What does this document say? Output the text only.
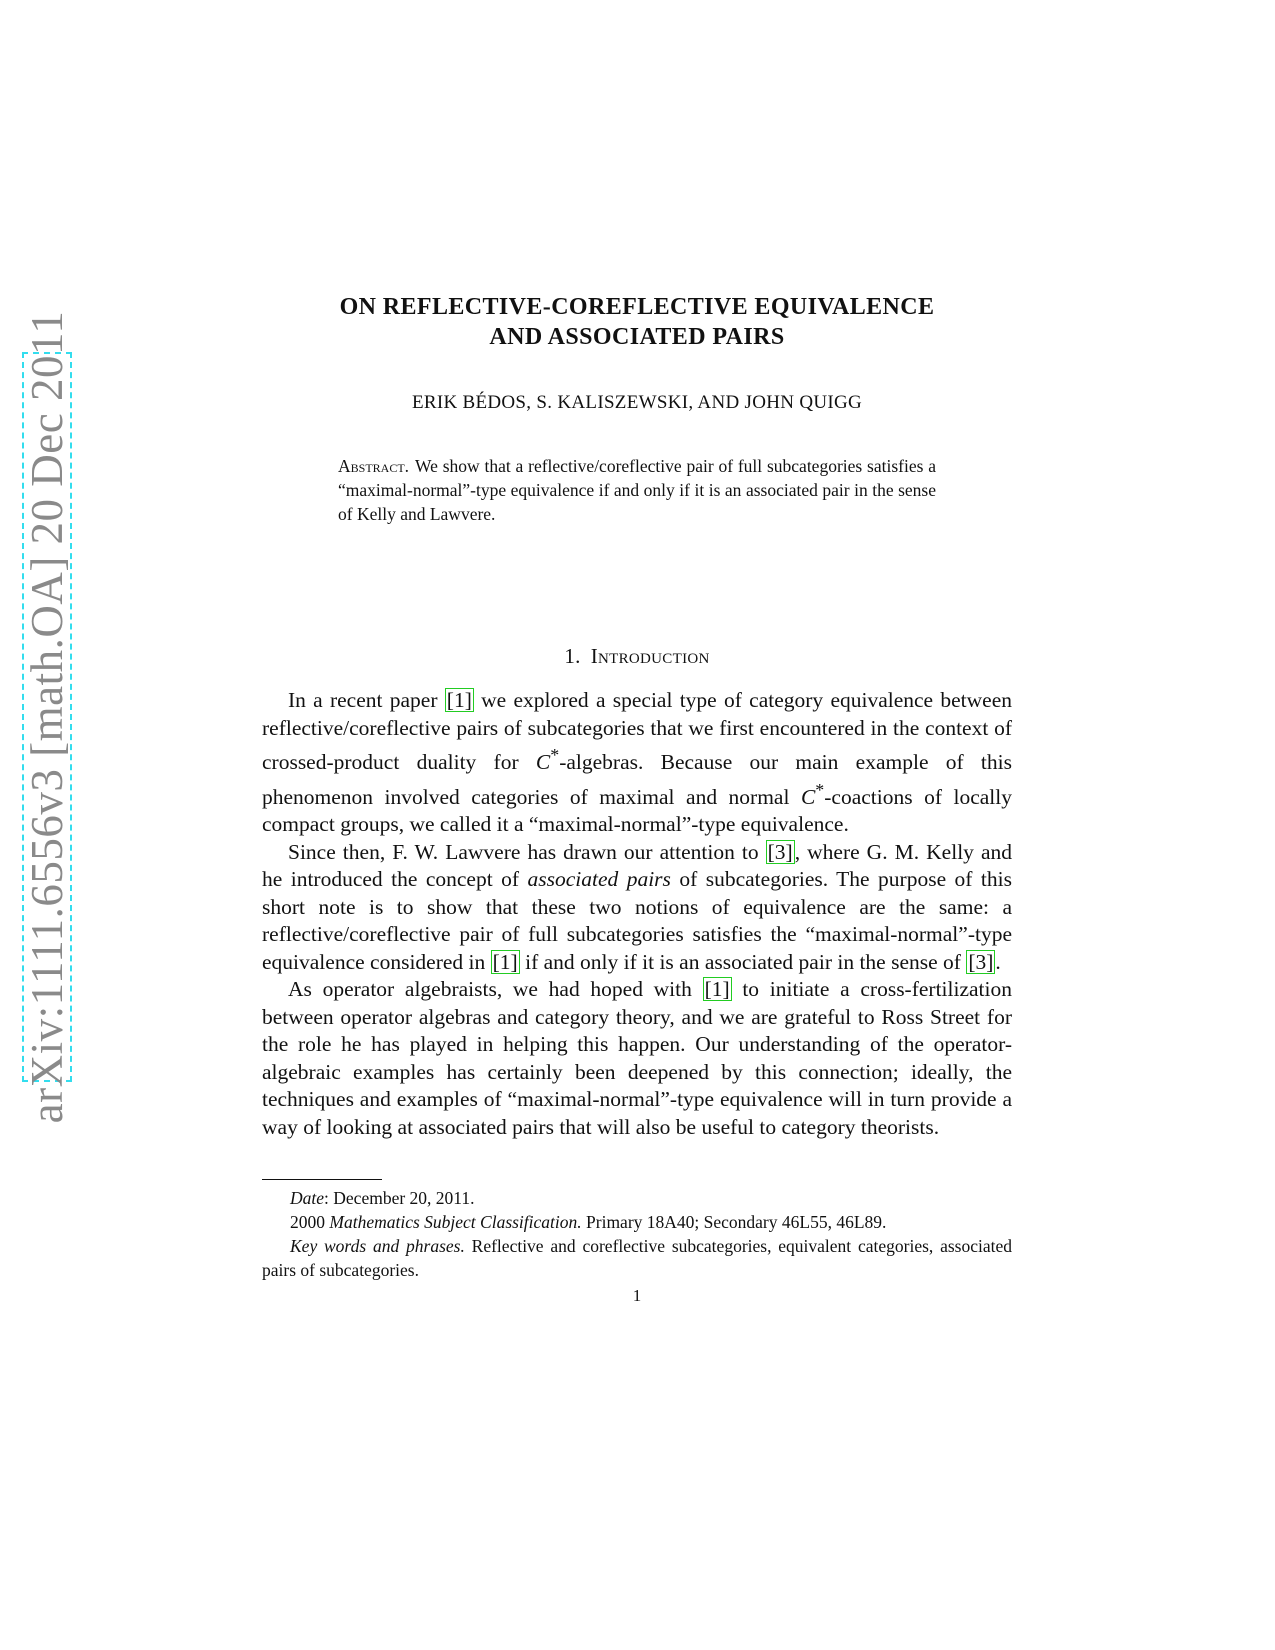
arXiv:1111.6556v3 [math.OA] 20 Dec 2011
ON REFLECTIVE-COREFLECTIVE EQUIVALENCE
AND ASSOCIATED PAIRS
ERIK BÉDOS, S. KALISZEWSKI, AND JOHN QUIGG
Abstract. We show that a reflective/coreflective pair of full subcategories satisfies a “maximal-normal”-type equivalence if and only if it is an associated pair in the sense of Kelly and Lawvere.
1. Introduction

In a recent paper [1] we explored a special type of category equivalence between reflective/coreflective pairs of subcategories that we first encountered in the context of crossed-product duality for C*-algebras. Because our main example of this phenomenon involved categories of maximal and normal C*-coactions of locally compact groups, we called it a “maximal-normal”-type equivalence.

Since then, F. W. Lawvere has drawn our attention to [3], where G. M. Kelly and he introduced the concept of associated pairs of subcategories. The purpose of this short note is to show that these two notions of equivalence are the same: a reflective/coreflective pair of full subcategories satisfies the “maximal-normal”-type equivalence considered in [1] if and only if it is an associated pair in the sense of [3].

As operator algebraists, we had hoped with [1] to initiate a cross-fertilization between operator algebras and category theory, and we are grateful to Ross Street for the role he has played in helping this happen. Our understanding of the operator-algebraic examples has certainly been deepened by this connection; ideally, the techniques and examples of “maximal-normal”-type equivalence will in turn provide a way of looking at associated pairs that will also be useful to category theorists.

Date: December 20, 2011.

2000 Mathematics Subject Classification. Primary 18A40; Secondary 46L55, 46L89.

Key words and phrases. Reflective and coreflective subcategories, equivalent categories, associated pairs of subcategories.

1
